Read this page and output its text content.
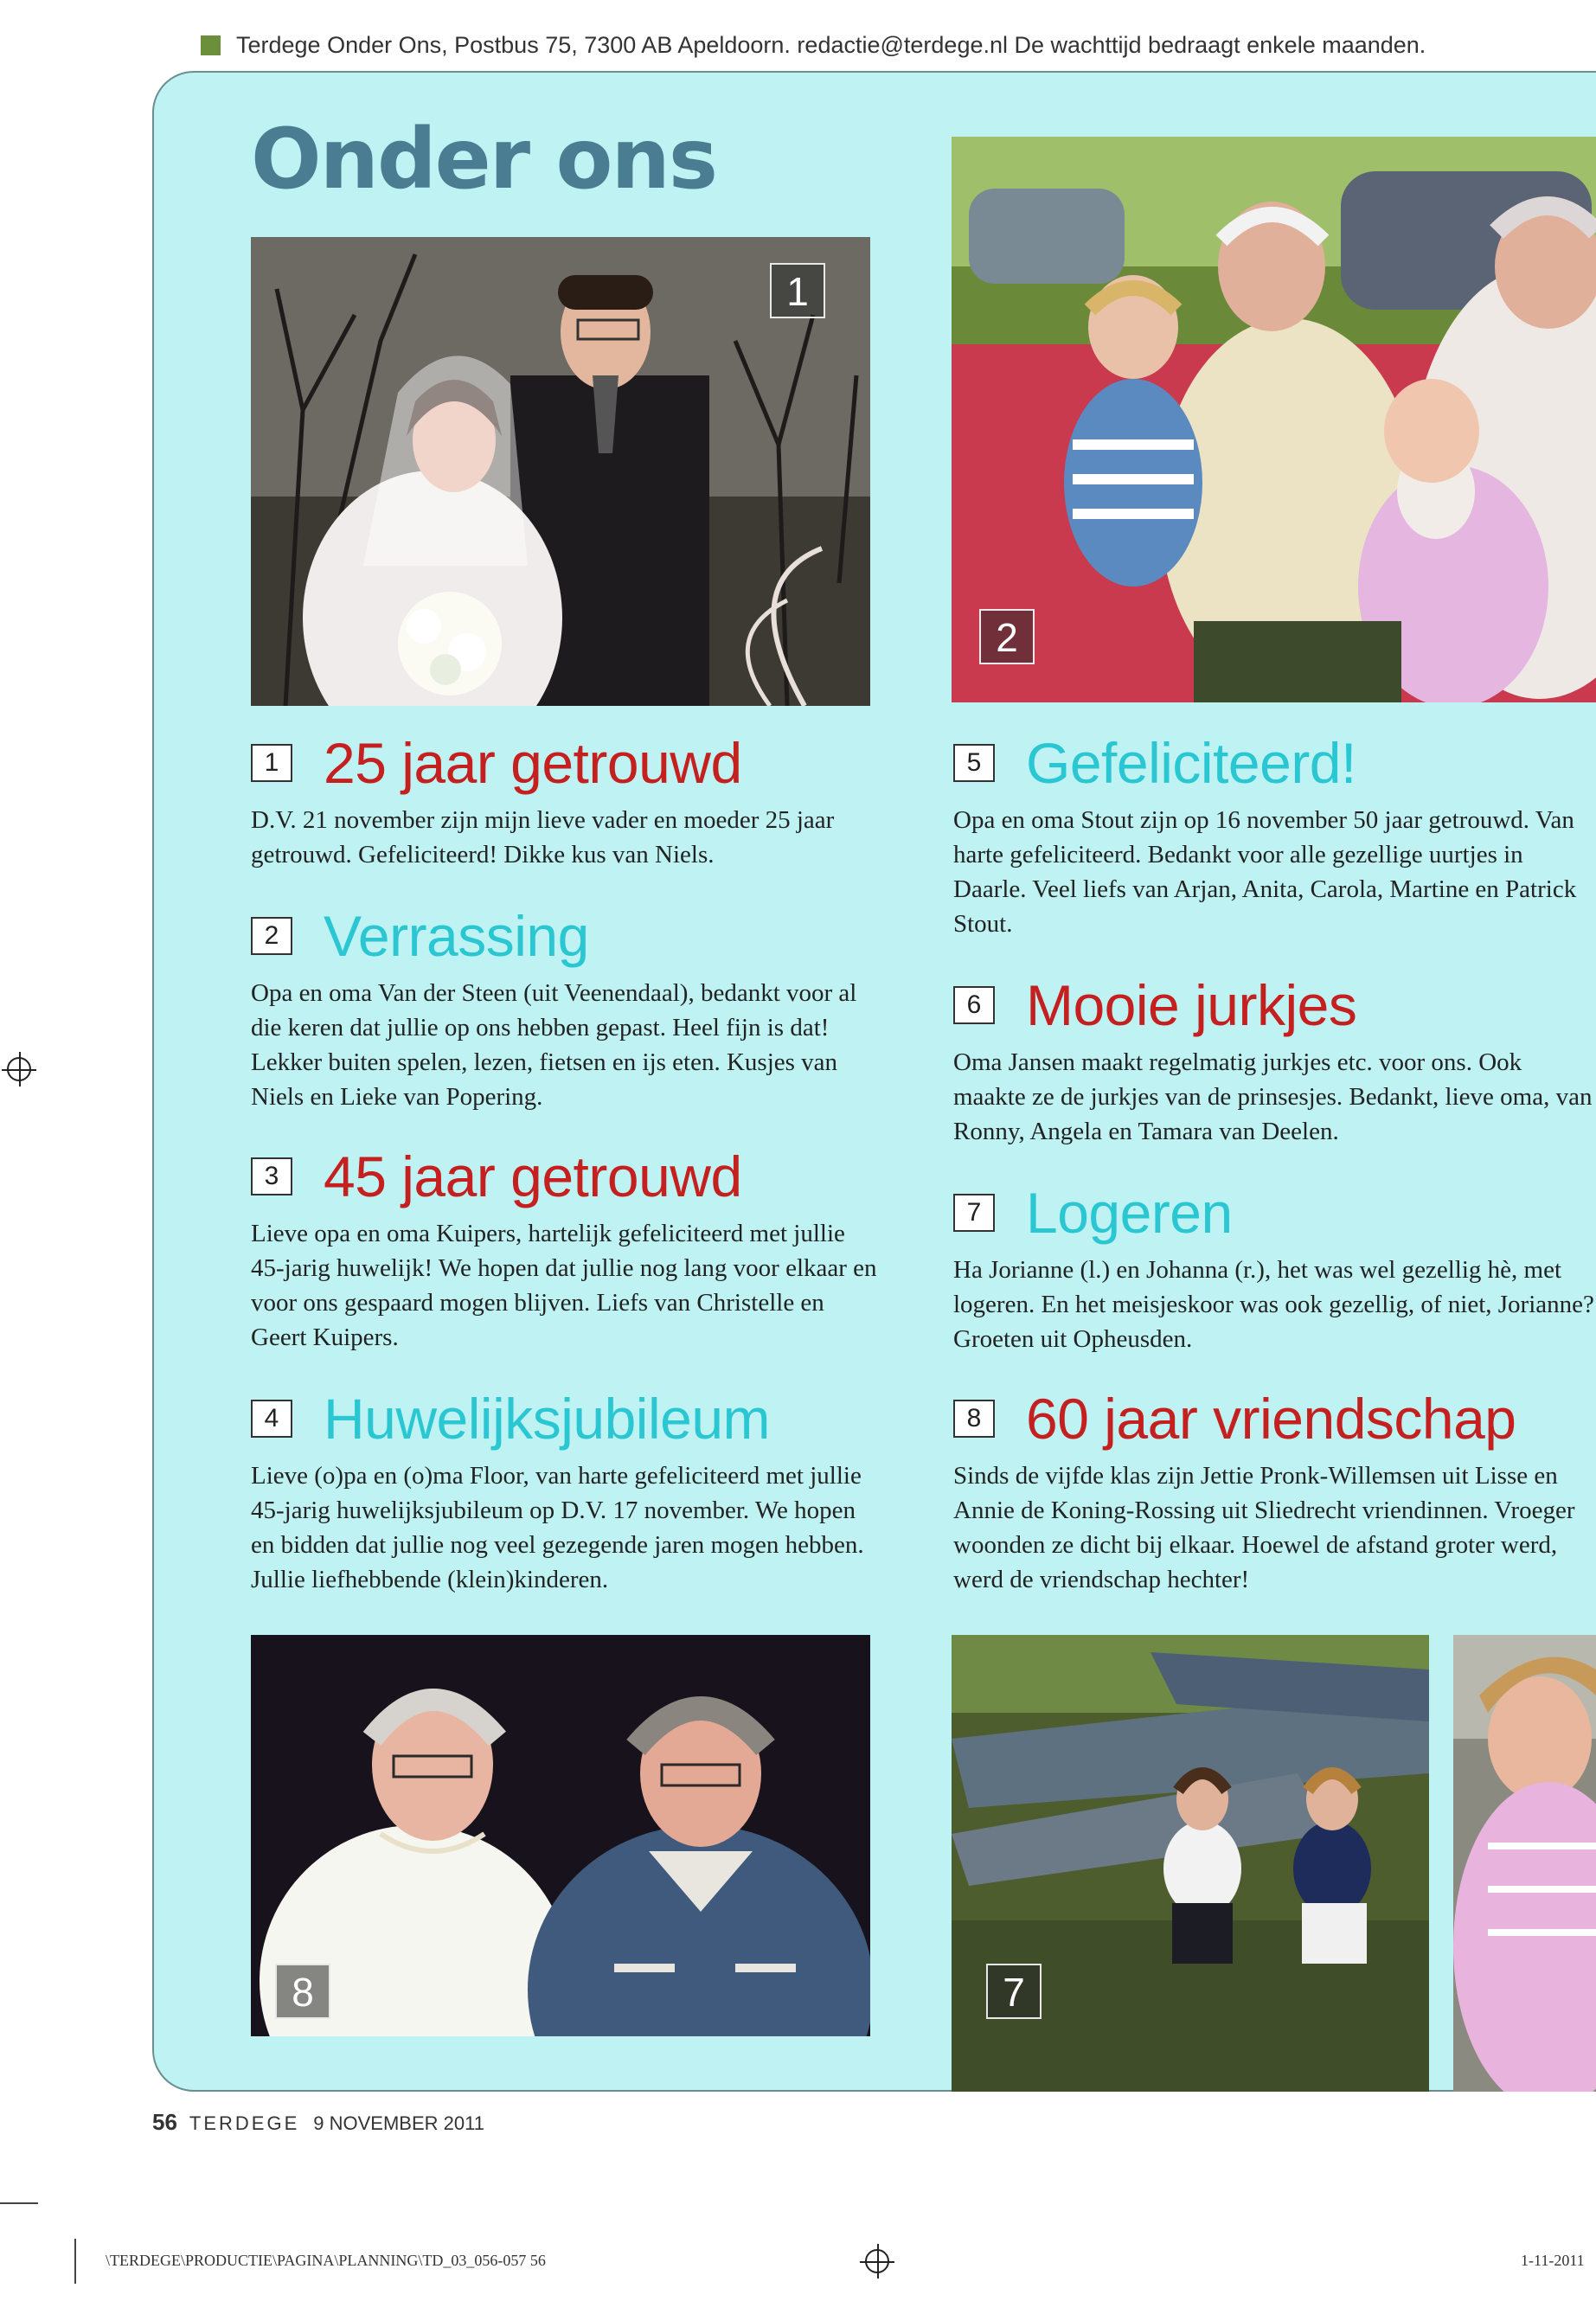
Terdege Onder Ons, Postbus 75, 7300 AB Apeldoorn. redactie@terdege.nl De wachttijd bedraagt enkele maanden.
Onder ons
1
2
1 25 jaar getrouwd
D.V. 21 november zijn mijn lieve vader en moeder 25 jaar getrouwd. Gefeliciteerd! Dikke kus van Niels.
2 Verrassing
Opa en oma Van der Steen (uit Veenendaal), bedankt voor al die keren dat jullie op ons hebben gepast. Heel fijn is dat! Lekker buiten spelen, lezen, fietsen en ijs eten. Kusjes van Niels en Lieke van Popering.
3 45 jaar getrouwd
Lieve opa en oma Kuipers, hartelijk gefeliciteerd met jullie 45-jarig huwelijk! We hopen dat jullie nog lang voor elkaar en voor ons gespaard mogen blijven. Liefs van Christelle en Geert Kuipers.
4 Huwelijksjubileum
Lieve (o)pa en (o)ma Floor, van harte gefeliciteerd met jullie 45-jarig huwelijksjubileum op D.V. 17 november. We hopen en bidden dat jullie nog veel gezegende jaren mogen hebben. Jullie liefhebbende (klein)kinderen.
5 Gefeliciteerd!
Opa en oma Stout zijn op 16 november 50 jaar getrouwd. Van harte gefeliciteerd. Bedankt voor alle gezellige uurtjes in Daarle. Veel liefs van Arjan, Anita, Carola, Martine en Patrick Stout.
6 Mooie jurkjes
Oma Jansen maakt regelmatig jurkjes etc. voor ons. Ook maakte ze de jurkjes van de prinsesjes. Bedankt, lieve oma, van Ronny, Angela en Tamara van Deelen.
7 Logeren
Ha Jorianne (l.) en Johanna (r.), het was wel gezellig hè, met logeren. En het meisjeskoor was ook gezellig, of niet, Jorianne? Groeten uit Opheusden.
8 60 jaar vriendschap
Sinds de vijfde klas zijn Jettie Pronk-Willemsen uit Lisse en Annie de Koning-Rossing uit Sliedrecht vriendinnen. Vroeger woonden ze dicht bij elkaar. Hoewel de afstand groter werd, werd de vriendschap hechter!
8	7
56 TERDEGE 9 NOVEMBER 2011
\TERDEGE\PRODUCTIE\PAGINA\PLANNING\TD_03_056-057 56	1-11-2011
